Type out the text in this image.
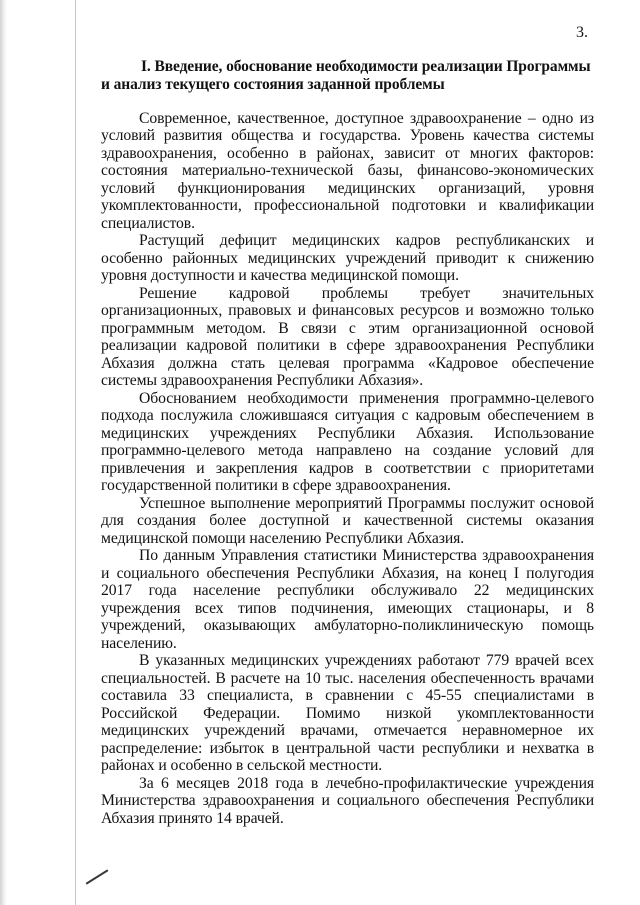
3.
I. Введение, обоснование необходимости реализации Программы и анализ текущего состояния заданной проблемы

Современное, качественное, доступное здравоохранение – одно из условий развития общества и государства. Уровень качества системы здравоохранения, особенно в районах, зависит от многих факторов: состояния материально-технической базы, финансово-экономических условий функционирования медицинских организаций, уровня укомплектованности, профессиональной подготовки и квалификации специалистов.

Растущий дефицит медицинских кадров республиканских и особенно районных медицинских учреждений приводит к снижению уровня доступности и качества медицинской помощи.

Решение кадровой проблемы требует значительных организационных, правовых и финансовых ресурсов и возможно только программным методом. В связи с этим организационной основой реализации кадровой политики в сфере здравоохранения Республики Абхазия должна стать целевая программа «Кадровое обеспечение системы здравоохранения Республики Абхазия».

Обоснованием необходимости применения программно-целевого подхода послужила сложившаяся ситуация с кадровым обеспечением в медицинских учреждениях Республики Абхазия. Использование программно-целевого метода направлено на создание условий для привлечения и закрепления кадров в соответствии с приоритетами государственной политики в сфере здравоохранения.

Успешное выполнение мероприятий Программы послужит основой для создания более доступной и качественной системы оказания медицинской помощи населению Республики Абхазия.

По данным Управления статистики Министерства здравоохранения и социального обеспечения Республики Абхазия, на конец I полугодия 2017 года население республики обслуживало 22 медицинских учреждения всех типов подчинения, имеющих стационары, и 8 учреждений, оказывающих амбулаторно-поликлиническую помощь населению.

В указанных медицинских учреждениях работают 779 врачей всех специальностей. В расчете на 10 тыс. населения обеспеченность врачами составила 33 специалиста, в сравнении с 45-55 специалистами в Российской Федерации. Помимо низкой укомплектованности медицинских учреждений врачами, отмечается неравномерное их распределение: избыток в центральной части республики и нехватка в районах и особенно в сельской местности.

За 6 месяцев 2018 года в лечебно-профилактические учреждения Министерства здравоохранения и социального обеспечения Республики Абхазия принято 14 врачей.
